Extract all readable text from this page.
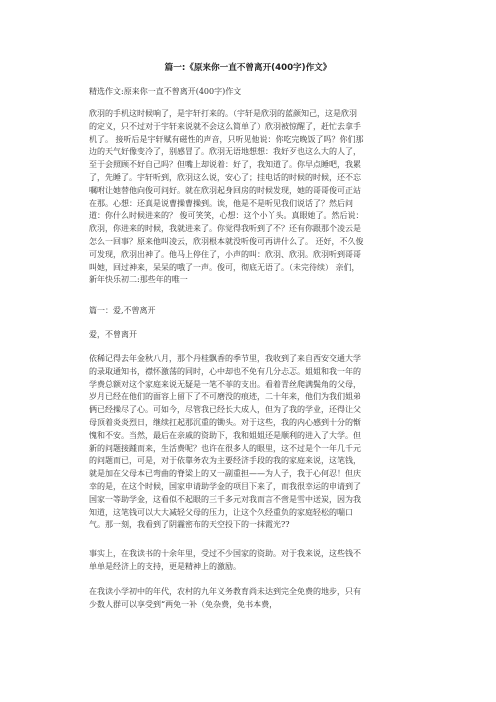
篇一:《原来你一直不曾离开(400字)作文》
精选作文:原来你一直不曾离开(400字)作文

欣羽的手机这时候响了，是宇轩打来的。（宇轩是欣羽的蓝颜知己，这是欣羽

的定义，只不过对于宇轩来说就不会这么简单了）欣羽被惊醒了，赶忙去拿手

机了。 接听后是宇轩赋有磁性的声音，只听见他说：你吃完晚饭了吗？你们那

边的天气好像变冷了，别感冒了。欣羽无语地想想：我好歹也这么大的人了，

至于会照顾不好自己吗？但嘴上却说着：好了，我知道了。你早点睡吧，我累

了，先睡了。宇轩听到，欣羽这么说，安心了；挂电话的时候的时候，还不忘

嘱咐让她替他向俊可问好。就在欣羽起身回房的时候发现，她的哥哥俊可正站

在那。心想：还真是说曹操曹操到。诶，他是不是听见我们说话了？然后问

道：你什么时候进来的？ 俊可笑笑，心想：这个小丫头。真眼她了。然后说：

欣羽，你进来的时候，我就进来了。你觉得我听到了不？还有你跟那个凌云是

怎么一回事？原来他叫凌云，欣羽根本就没听俊可再讲什么了。 还好，不久俊

可发现，欣羽出神了。他马上停住了，小声的叫：欣羽、欣羽。欣羽听到哥哥

叫她，回过神来，呆呆的哦了一声。俊可，彻底无语了。（未完待续） 亲们，

新年快乐初二:那些年的唯一

篇一：爱,不曾离开
爱，不曾离开

依稀记得去年金秋八月，那个丹桂飘香的季节里，我收到了来自西安交通大学

的录取通知书，襟怀激荡的同时，心中却也不免有几分忐忑。姐姐和我一年的

学费总额对这个家庭来说无疑是一笔不菲的支出。看着青丝爬满鬓角的父母，

岁月已经在他们的面容上留下了不可磨没的痕迹，二十年来，他们为我们姐弟

俩已经操尽了心。可如今，尽管我已经长大成人，但为了我的学业，还得让父

母顶着炎炎烈日，继续扛起那沉重的锄头。对于这些，我的内心感到十分的惭

愧和不安。当然，最后在亲戚的资助下，我和姐姐还是顺利的进入了大学。但

新的问题接踵而来，生活费呢？也许在很多人的眼里，这不过是个一年几千元

的问题而已，可是，对于依靠务农为主要经济手段的我的家庭来说，这笔钱，

就是加在父母本已弯曲的脊梁上的又一副重担——为人子，我于心何忍！但庆

幸的是，在这个时候，国家申请助学金的项目下来了，而我很幸运的申请到了

国家一等助学金，这看似不起眼的三千多元对我而言不啻是雪中送炭，因为我

知道，这笔钱可以大大减轻父母的压力，让这个久经重负的家庭轻松的喘口

气。那一刻，我看到了阴霾密布的天空投下的一抹霞光??

事实上，在我读书的十余年里，受过不少国家的资助。对于我来说，这些钱不

单单是经济上的支持，更是精神上的激励。

在我读小学初中的年代，农村的九年义务教育尚未达到完全免费的地步，只有

少数人群可以享受到“两免一补（免杂费，免书本费，
